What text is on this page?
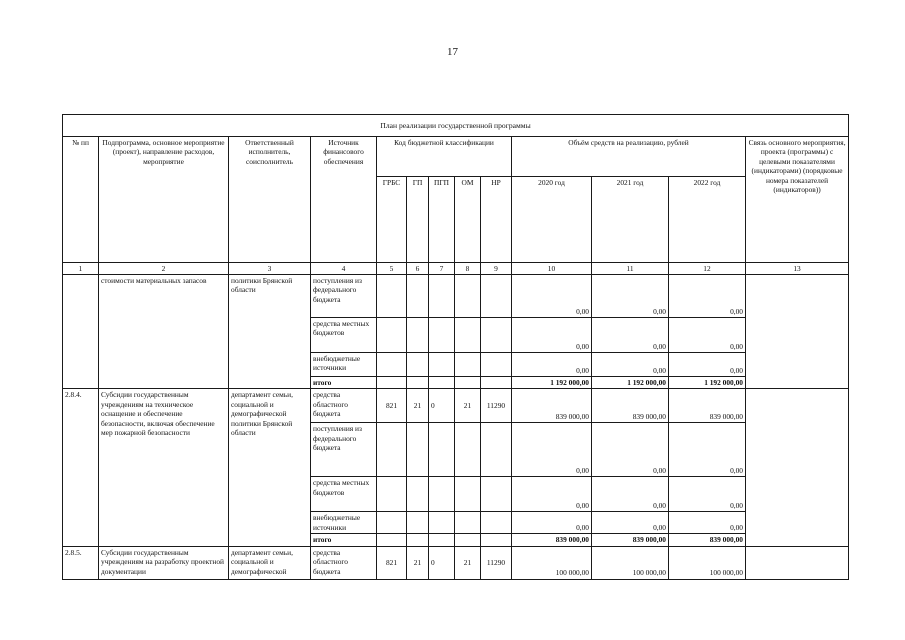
17
План реализации государственной программы												
№ пп	Подпрограмма, основное мероприятие (проект), направление расходов, мероприятие	Ответственный исполнитель, соисполнитель	Источник финансового обеспечения	Код бюджетной классификации					Объём средств на реализацию, рублей			Связь основного мероприятия, проекта (программы) с целевыми показателями (индикаторами) (порядковые номера показателей (индикаторов))
				ГРБС	ГП	ПГП	ОМ	НР	2020 год	2021 год	2022 год	
1	2	3	4	5	6	7	8	9	10	11	12	13
	стоимости материальных запасов	политики Брянской области	поступления из федерального бюджета						0,00	0,00	0,00	
			средства местных бюджетов						0,00	0,00	0,00	
			внебюджетные источники						0,00	0,00	0,00	
			итого						1 192 000,00	1 192 000,00	1 192 000,00	
2.8.4.	Субсидии государственным учреждениям на техническое оснащение и обеспечение безопасности, включая обеспечение мер пожарной безопасности	департамент семьи, социальной и демографической политики Брянской области	средства областного бюджета	821	21	0	21	11290	839 000,00	839 000,00	839 000,00	
			поступления из федерального бюджета						0,00	0,00	0,00	
			средства местных бюджетов						0,00	0,00	0,00	
			внебюджетные источники						0,00	0,00	0,00	
			итого						839 000,00	839 000,00	839 000,00	
2.8.5.	Субсидии государственным учреждениям на разработку проектной документации	департамент семьи, социальной и демографической	средства областного бюджета	821	21	0	21	11290	100 000,00	100 000,00	100 000,00	
